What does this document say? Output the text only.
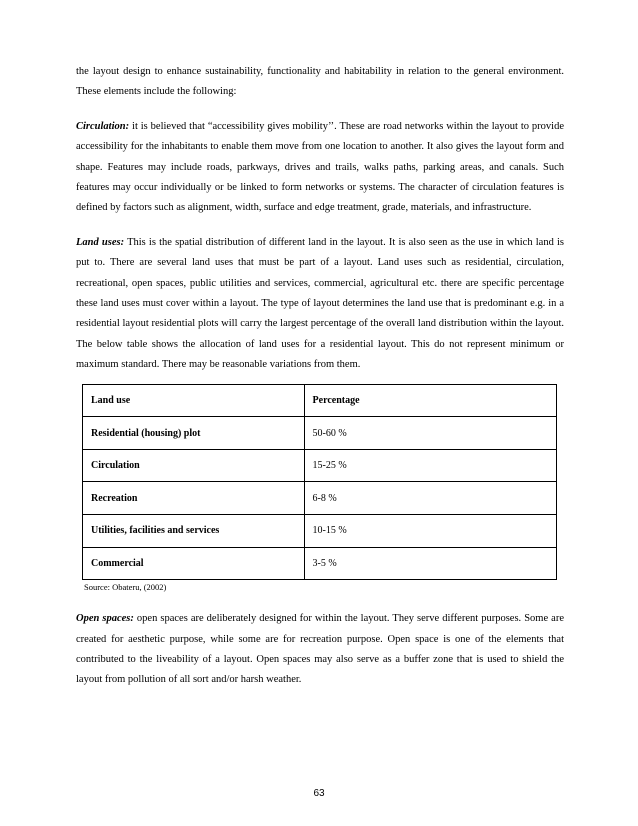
the layout design to enhance sustainability, functionality and habitability in relation to the general environment. These elements include the following:

Circulation: it is believed that “accessibility gives mobility’’. These are road networks within the layout to provide accessibility for the inhabitants to enable them move from one location to another. It also gives the layout form and shape. Features may include roads, parkways, drives and trails, walks paths, parking areas, and canals. Such features may occur individually or be linked to form networks or systems. The character of circulation features is defined by factors such as alignment, width, surface and edge treatment, grade, materials, and infrastructure.

Land uses: This is the spatial distribution of different land in the layout. It is also seen as the use in which land is put to. There are several land uses that must be part of a layout. Land uses such as residential, circulation, recreational, open spaces, public utilities and services, commercial, agricultural etc. there are specific percentage these land uses must cover within a layout. The type of layout determines the land use that is predominant e.g. in a residential layout residential plots will carry the largest percentage of the overall land distribution within the layout. The below table shows the allocation of land uses for a residential layout. This do not represent minimum or maximum standard. There may be reasonable variations from them.

Land use	Percentage
Residential (housing) plot	50-60 %
Circulation	15-25 %
Recreation	6-8 %
Utilities, facilities and services	10-15 %
Commercial	3-5 %
Source: Obateru, (2002)

Open spaces: open spaces are deliberately designed for within the layout. They serve different purposes. Some are created for aesthetic purpose, while some are for recreation purpose. Open space is one of the elements that contributed to the liveability of a layout. Open spaces may also serve as a buffer zone that is used to shield the layout from pollution of all sort and/or harsh weather.

63
